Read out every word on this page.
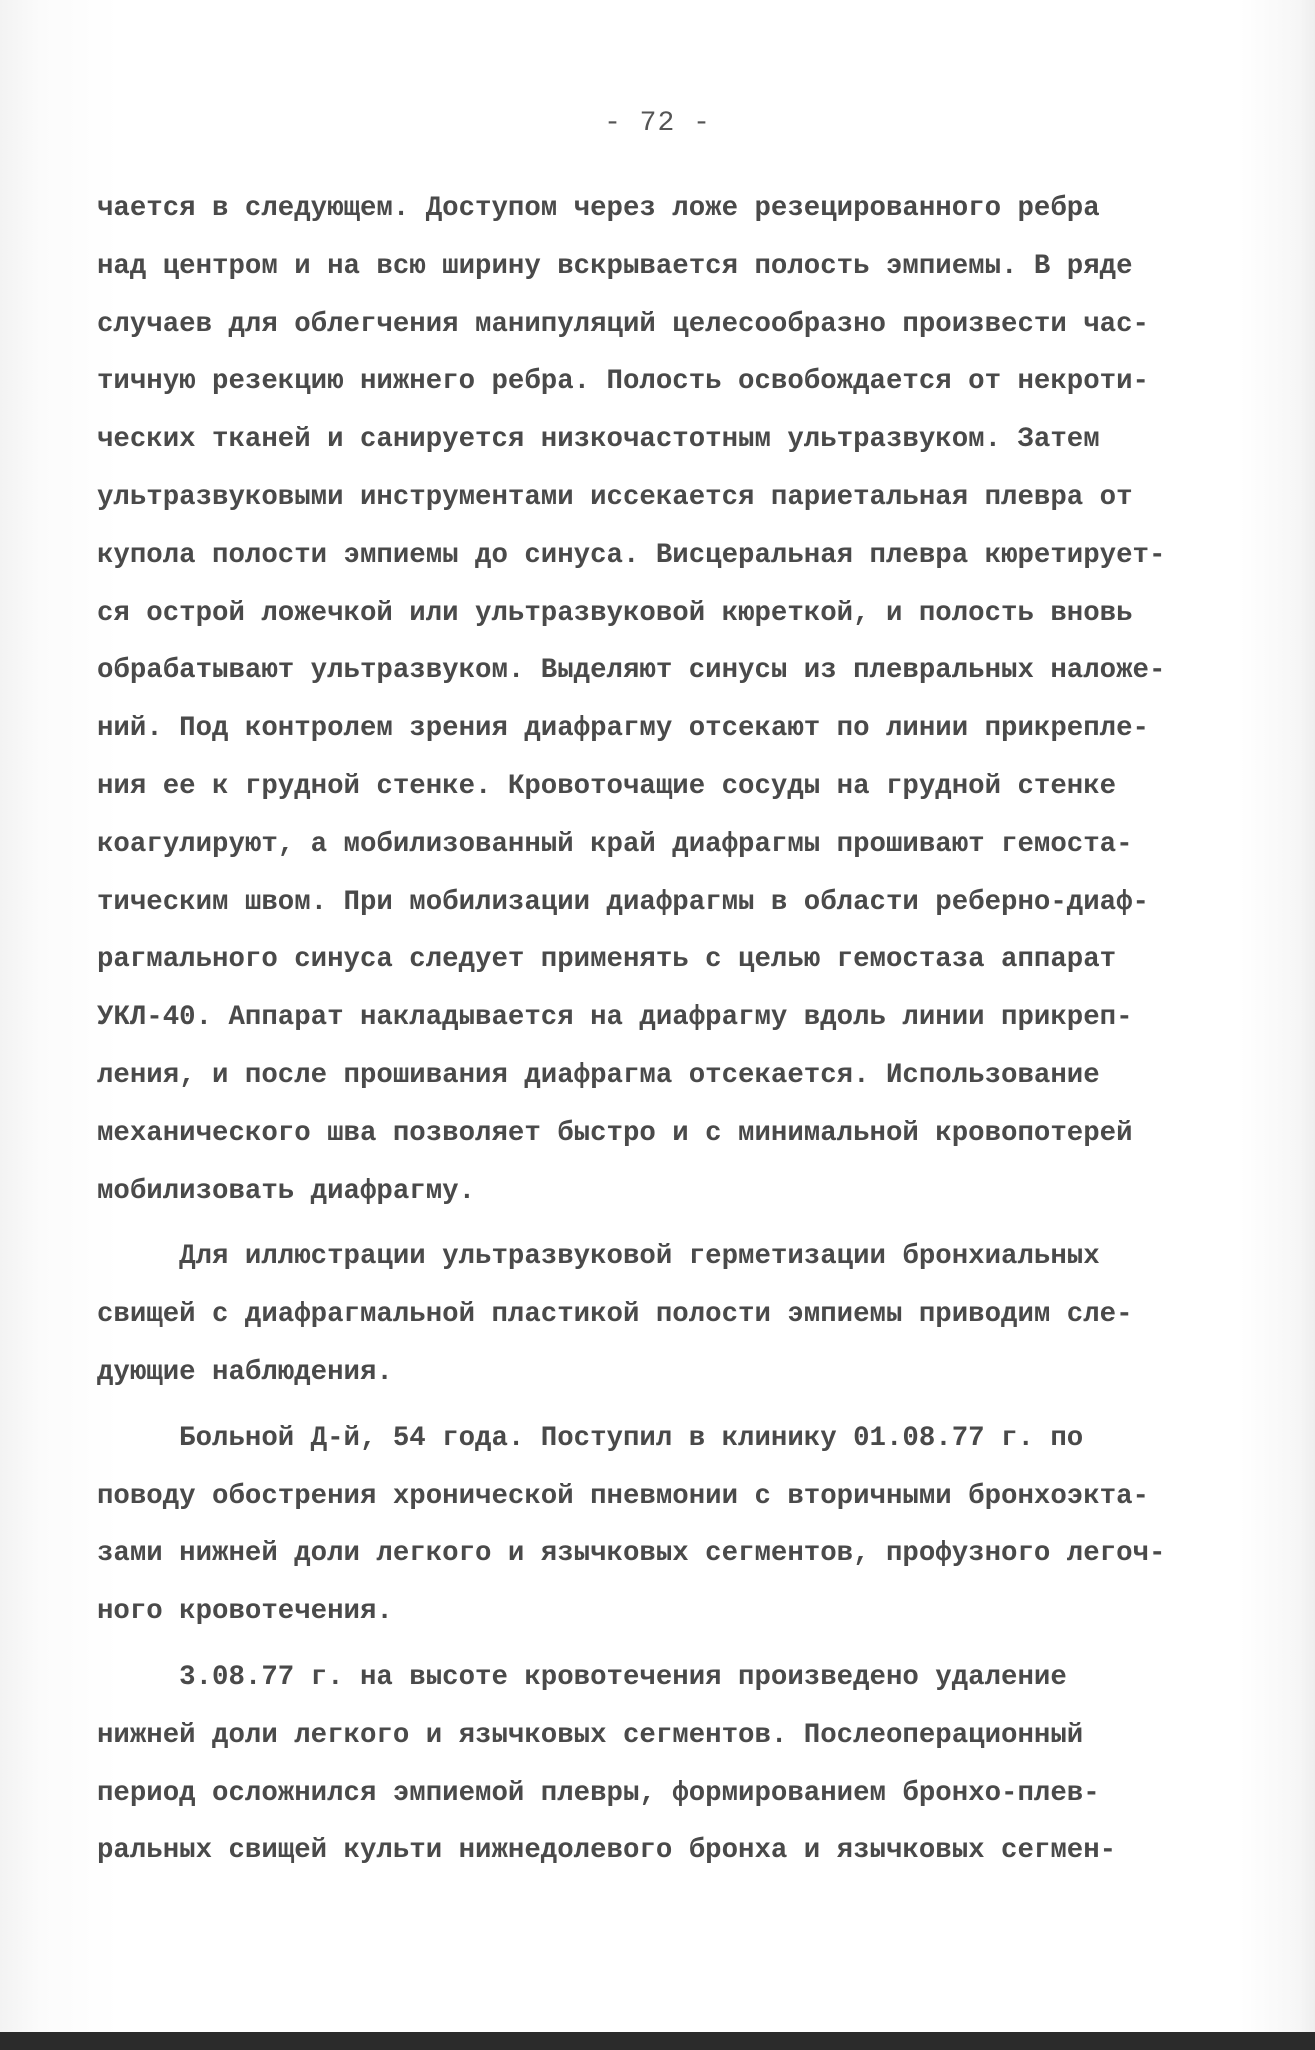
- 72 -
чается в следующем. Доступом через ложе резецированного ребра
над центром и на всю ширину вскрывается полость эмпиемы. В ряде
случаев для облегчения манипуляций целесообразно произвести час-
тичную резекцию нижнего ребра. Полость освобождается от некроти-
ческих тканей и санируется низкочастотным ультразвуком. Затем
ультразвуковыми инструментами иссекается париетальная плевра от
купола полости эмпиемы до синуса. Висцеральная плевра кюретирует-
ся острой ложечкой или ультразвуковой кюреткой, и полость вновь
обрабатывают ультразвуком. Выделяют синусы из плевральных наложе-
ний. Под контролем зрения диафрагму отсекают по линии прикрепле-
ния ее к грудной стенке. Кровоточащие сосуды на грудной стенке
коагулируют, а мобилизованный край диафрагмы прошивают гемоста-
тическим швом. При мобилизации диафрагмы в области реберно-диаф-
рагмального синуса следует применять с целью гемостаза аппарат
УКЛ-40. Аппарат накладывается на диафрагму вдоль линии прикреп-
ления, и после прошивания диафрагма отсекается. Использование
механического шва позволяет быстро и с минимальной кровопотерей
мобилизовать диафрагму.
Для иллюстрации ультразвуковой герметизации бронхиальных
свищей с диафрагмальной пластикой полости эмпиемы приводим сле-
дующие наблюдения.
Больной Д-й, 54 года. Поступил в клинику 01.08.77 г. по
поводу обострения хронической пневмонии с вторичными бронхоэкта-
зами нижней доли легкого и язычковых сегментов, профузного легоч-
ного кровотечения.
3.08.77 г. на высоте кровотечения произведено удаление
нижней доли легкого и язычковых сегментов. Послеоперационный
период осложнился эмпиемой плевры, формированием бронхо-плев-
ральных свищей культи нижнедолевого бронха и язычковых сегмен-
